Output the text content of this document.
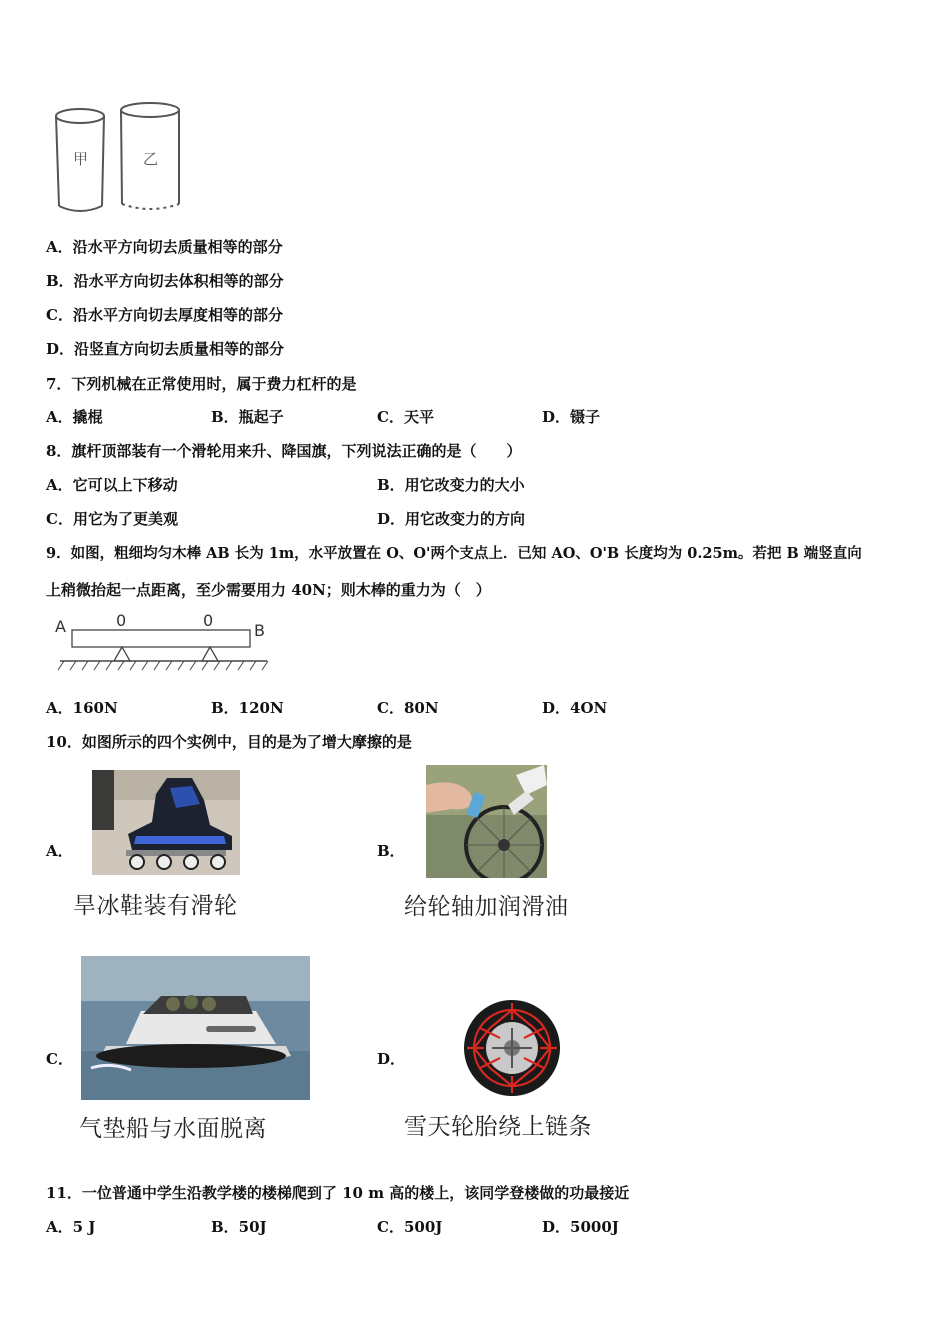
甲	乙
A．沿水平方向切去质量相等的部分
B．沿水平方向切去体积相等的部分
C．沿水平方向切去厚度相等的部分
D．沿竖直方向切去质量相等的部分
7．下列机械在正常使用时，属于费力杠杆的是
A．撬棍	B．瓶起子	C．天平	D．镊子
8．旗杆顶部装有一个滑轮用来升、降国旗，下列说法正确的是（　　）
A．它可以上下移动	B．用它改变力的大小
C．用它为了更美观	D．用它改变力的方向
9．如图，粗细均匀木棒 AB 长为 1m，水平放置在 O、O'两个支点上．已知 AO、O'B 长度均为 0.25m。若把 B 端竖直向
上稍微抬起一点距离，至少需要用力 40N；则木棒的重力为（　）
A	0	0
B
A．160N	B．120N	C．80N	D．4ON
10．如图所示的四个实例中，目的是为了增大摩擦的是
A．
旱冰鞋装有滑轮
B．
给轮轴加润滑油
C．
气垫船与水面脱离
D．
雪天轮胎绕上链条
11．一位普通中学生沿教学楼的楼梯爬到了 10 m 高的楼上，该同学登楼做的功最接近
A．5 J	B．50J	C．500J	D．5000J
